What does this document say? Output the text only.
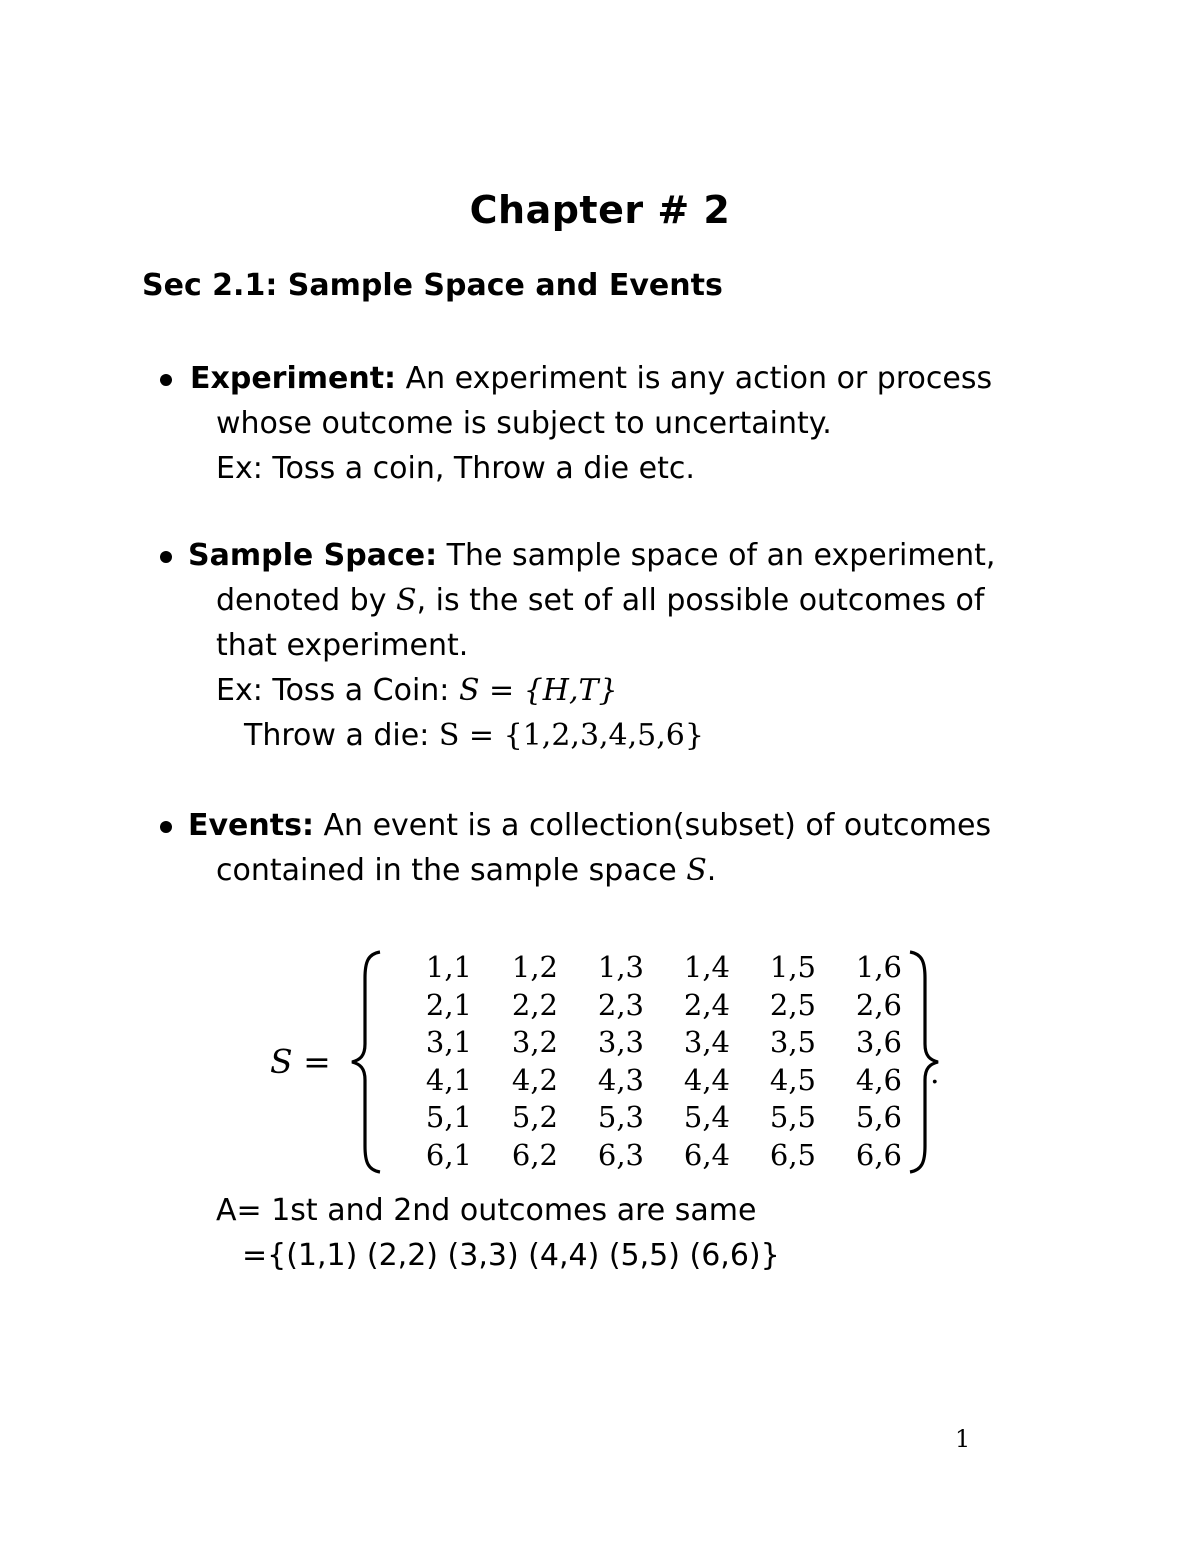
Chapter # 2
Sec 2.1: Sample Space and Events
Experiment: An experiment is any action or process
whose outcome is subject to uncertainty.
Ex: Toss a coin, Throw a die etc.
Sample Space: The sample space of an experiment,
denoted by S, is the set of all possible outcomes of
that experiment.
Ex: Toss a Coin: S = {H,T}
Throw a die: S = {1,2,3,4,5,6}
Events: An event is a collection(subset) of outcomes
contained in the sample space S.
S =
1,1	1,2	1,3	1,4	1,5	1,6
2,1	2,2	2,3	2,4	2,5	2,6
3,1	3,2	3,3	3,4	3,5	3,6
4,1	4,2	4,3	4,4	4,5	4,6
5,1	5,2	5,3	5,4	5,5	5,6
6,1	6,2	6,3	6,4	6,5	6,6
.
A= 1st and 2nd outcomes are same
={(1,1) (2,2) (3,3) (4,4) (5,5) (6,6)}
1
